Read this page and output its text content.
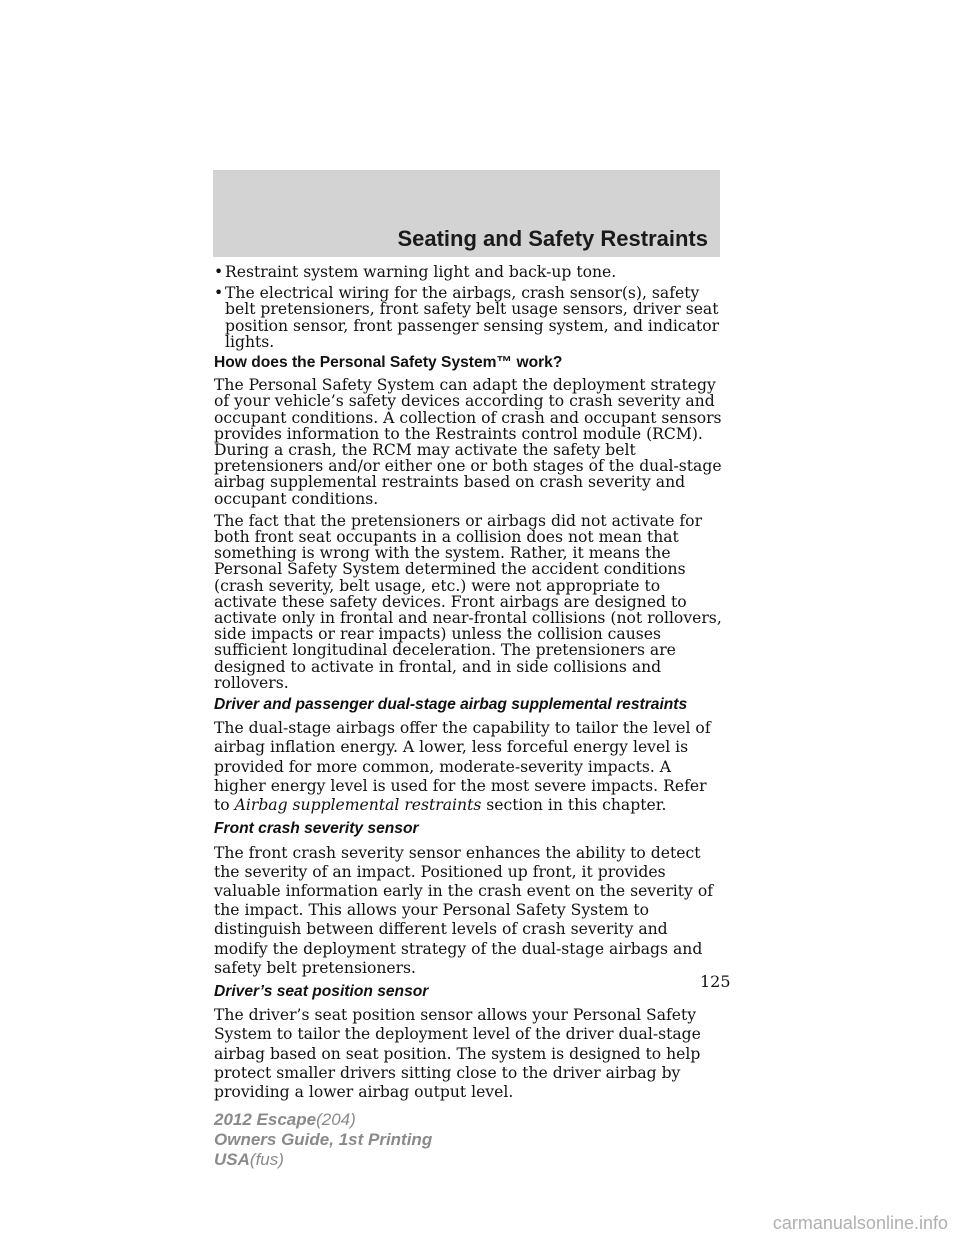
Seating and Safety Restraints
• Restraint system warning light and back-up tone.
• The electrical wiring for the airbags, crash sensor(s), safety belt pretensioners, front safety belt usage sensors, driver seat position sensor, front passenger sensing system, and indicator lights.
How does the Personal Safety System™ work?

The Personal Safety System can adapt the deployment strategy of your vehicle’s safety devices according to crash severity and occupant conditions. A collection of crash and occupant sensors provides information to the Restraints control module (RCM). During a crash, the RCM may activate the safety belt pretensioners and/or either one or both stages of the dual-stage airbag supplemental restraints based on crash severity and occupant conditions.

The fact that the pretensioners or airbags did not activate for both front seat occupants in a collision does not mean that something is wrong with the system. Rather, it means the Personal Safety System determined the accident conditions (crash severity, belt usage, etc.) were not appropriate to activate these safety devices. Front airbags are designed to activate only in frontal and near-frontal collisions (not rollovers, side impacts or rear impacts) unless the collision causes sufficient longitudinal deceleration. The pretensioners are designed to activate in frontal, and in side collisions and rollovers.

Driver and passenger dual-stage airbag supplemental restraints

The dual-stage airbags offer the capability to tailor the level of airbag inflation energy. A lower, less forceful energy level is provided for more common, moderate-severity impacts. A higher energy level is used for the most severe impacts. Refer to Airbag supplemental restraints section in this chapter.

Front crash severity sensor

The front crash severity sensor enhances the ability to detect the severity of an impact. Positioned up front, it provides valuable information early in the crash event on the severity of the impact. This allows your Personal Safety System to distinguish between different levels of crash severity and modify the deployment strategy of the dual-stage airbags and safety belt pretensioners.

Driver’s seat position sensor

The driver’s seat position sensor allows your Personal Safety System to tailor the deployment level of the driver dual-stage airbag based on seat position. The system is designed to help protect smaller drivers sitting close to the driver airbag by providing a lower airbag output level.

125
2012 Escape(204)
Owners Guide, 1st Printing
USA(fus)
carmanualsonline.info
